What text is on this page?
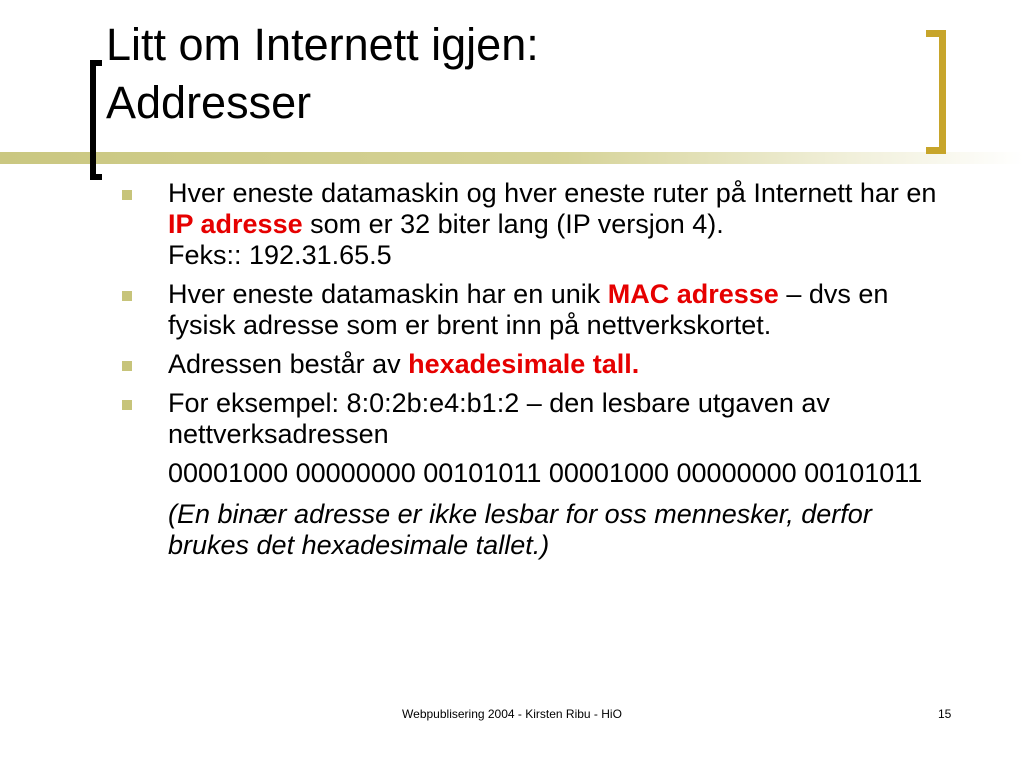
Litt om Internett igjen:
Addresser

Hver eneste datamaskin og hver eneste ruter på Internett har en IP adresse som er 32 biter lang (IP versjon 4).

Feks:: 192.31.65.5

Hver eneste datamaskin har en unik MAC adresse – dvs en fysisk adresse som er brent inn på nettverkskortet.

Adressen består av hexadesimale tall.

For eksempel: 8:0:2b:e4:b1:2 – den lesbare utgaven av nettverksadressen

00001000 00000000 00101011 00001000 00000000 00101011

(En binær adresse er ikke lesbar for oss mennesker, derfor brukes det hexadesimale tallet.)

Webpublisering 2004 - Kirsten Ribu - HiO	15
